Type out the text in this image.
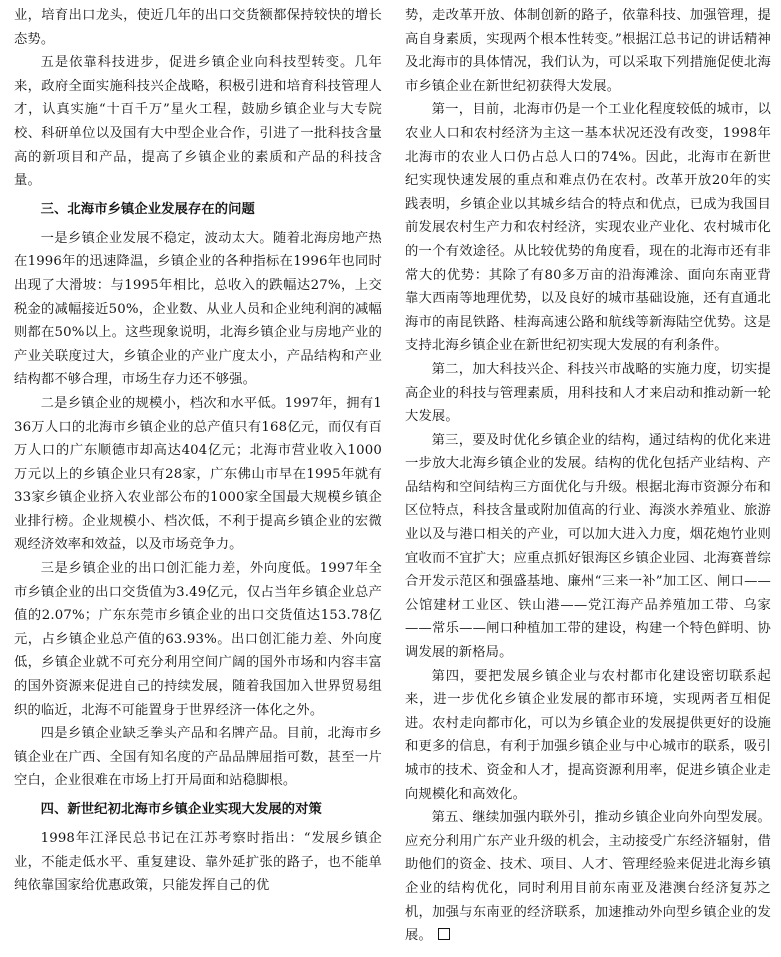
业，培育出口龙头，使近几年的出口交货额都保持较快的增长态势。

五是依靠科技进步，促进乡镇企业向科技型转变。几年来，政府全面实施科技兴企战略，积极引进和培育科技管理人才，认真实施“十百千万”星火工程，鼓励乡镇企业与大专院校、科研单位以及国有大中型企业合作，引进了一批科技含量高的新项目和产品，提高了乡镇企业的素质和产品的科技含量。

三、北海市乡镇企业发展存在的问题

一是乡镇企业发展不稳定，波动太大。随着北海房地产热在1996年的迅速降温，乡镇企业的各种指标在1996年也同时出现了大滑坡：与1995年相比，总收入的跌幅达27%，上交税金的减幅接近50%，企业数、从业人员和企业纯利润的减幅则都在50%以上。这些现象说明，北海乡镇企业与房地产业的产业关联度过大，乡镇企业的产业广度太小，产品结构和产业结构都不够合理，市场生存力还不够强。

二是乡镇企业的规模小，档次和水平低。1997年，拥有136万人口的北海市乡镇企业的总产值只有168亿元，而仅有百万人口的广东顺德市却高达404亿元；北海市营业收入1000万元以上的乡镇企业只有28家，广东佛山市早在1995年就有33家乡镇企业挤入农业部公布的1000家全国最大规模乡镇企业排行榜。企业规模小、档次低，不利于提高乡镇企业的宏微观经济效率和效益，以及市场竞争力。

三是乡镇企业的出口创汇能力差，外向度低。1997年全市乡镇企业的出口交货值为3.49亿元，仅占当年乡镇企业总产值的2.07%；广东东莞市乡镇企业的出口交货值达153.78亿元，占乡镇企业总产值的63.93%。出口创汇能力差、外向度低，乡镇企业就不可充分利用空间广阔的国外市场和内容丰富的国外资源来促进自己的持续发展，随着我国加入世界贸易组织的临近，北海不可能置身于世界经济一体化之外。

四是乡镇企业缺乏拳头产品和名牌产品。目前，北海市乡镇企业在广西、全国有知名度的产品品牌屈指可数，甚至一片空白，企业很难在市场上打开局面和站稳脚根。

四、新世纪初北海市乡镇企业实现大发展的对策

1998年江泽民总书记在江苏考察时指出：“发展乡镇企业，不能走低水平、重复建设、靠外延扩张的路子，也不能单纯依靠国家给优惠政策，只能发挥自己的优

势，走改革开放、体制创新的路子，依靠科技、加强管理，提高自身素质，实现两个根本性转变。”根据江总书记的讲话精神及北海市的具体情况，我们认为，可以采取下列措施促使北海市乡镇企业在新世纪初获得大发展。

第一，目前，北海市仍是一个工业化程度较低的城市，以农业人口和农村经济为主这一基本状况还没有改变，1998年北海市的农业人口仍占总人口的74%。因此，北海市在新世纪实现快速发展的重点和难点仍在农村。改革开放20年的实践表明，乡镇企业以其城乡结合的特点和优点，已成为我国目前发展农村生产力和农村经济，实现农业产业化、农村城市化的一个有效途径。从比较优势的角度看，现在的北海市还有非常大的优势：其除了有80多万亩的沿海滩涂、面向东南亚背靠大西南等地理优势，以及良好的城市基础设施，还有直通北海市的南昆铁路、桂海高速公路和航线等新海陆空优势。这是支持北海乡镇企业在新世纪初实现大发展的有利条件。

第二，加大科技兴企、科技兴市战略的实施力度，切实提高企业的科技与管理素质，用科技和人才来启动和推动新一轮大发展。

第三，要及时优化乡镇企业的结构，通过结构的优化来进一步放大北海乡镇企业的发展。结构的优化包括产业结构、产品结构和空间结构三方面优化与升级。根据北海市资源分布和区位特点，科技含量或附加值高的行业、海淡水养殖业、旅游业以及与港口相关的产业，可以加大进入力度，烟花炮竹业则宜收而不宜扩大；应重点抓好银海区乡镇企业园、北海赛普综合开发示范区和强盛基地、廉州“三来一补”加工区、闸口——公馆建材工业区、铁山港——党江海产品养殖加工带、乌家——常乐——闸口种植加工带的建设，构建一个特色鲜明、协调发展的新格局。

第四，要把发展乡镇企业与农村都市化建设密切联系起来，进一步优化乡镇企业发展的都市环境，实现两者互相促进。农村走向都市化，可以为乡镇企业的发展提供更好的设施和更多的信息，有利于加强乡镇企业与中心城市的联系，吸引城市的技术、资金和人才，提高资源利用率，促进乡镇企业走向规模化和高效化。

第五、继续加强内联外引，推动乡镇企业向外向型发展。应充分利用广东产业升级的机会，主动接受广东经济辐射，借助他们的资金、技术、项目、人才、管理经验来促进北海乡镇企业的结构优化，同时利用目前东南亚及港澳台经济复苏之机，加强与东南亚的经济联系，加速推动外向型乡镇企业的发展。
